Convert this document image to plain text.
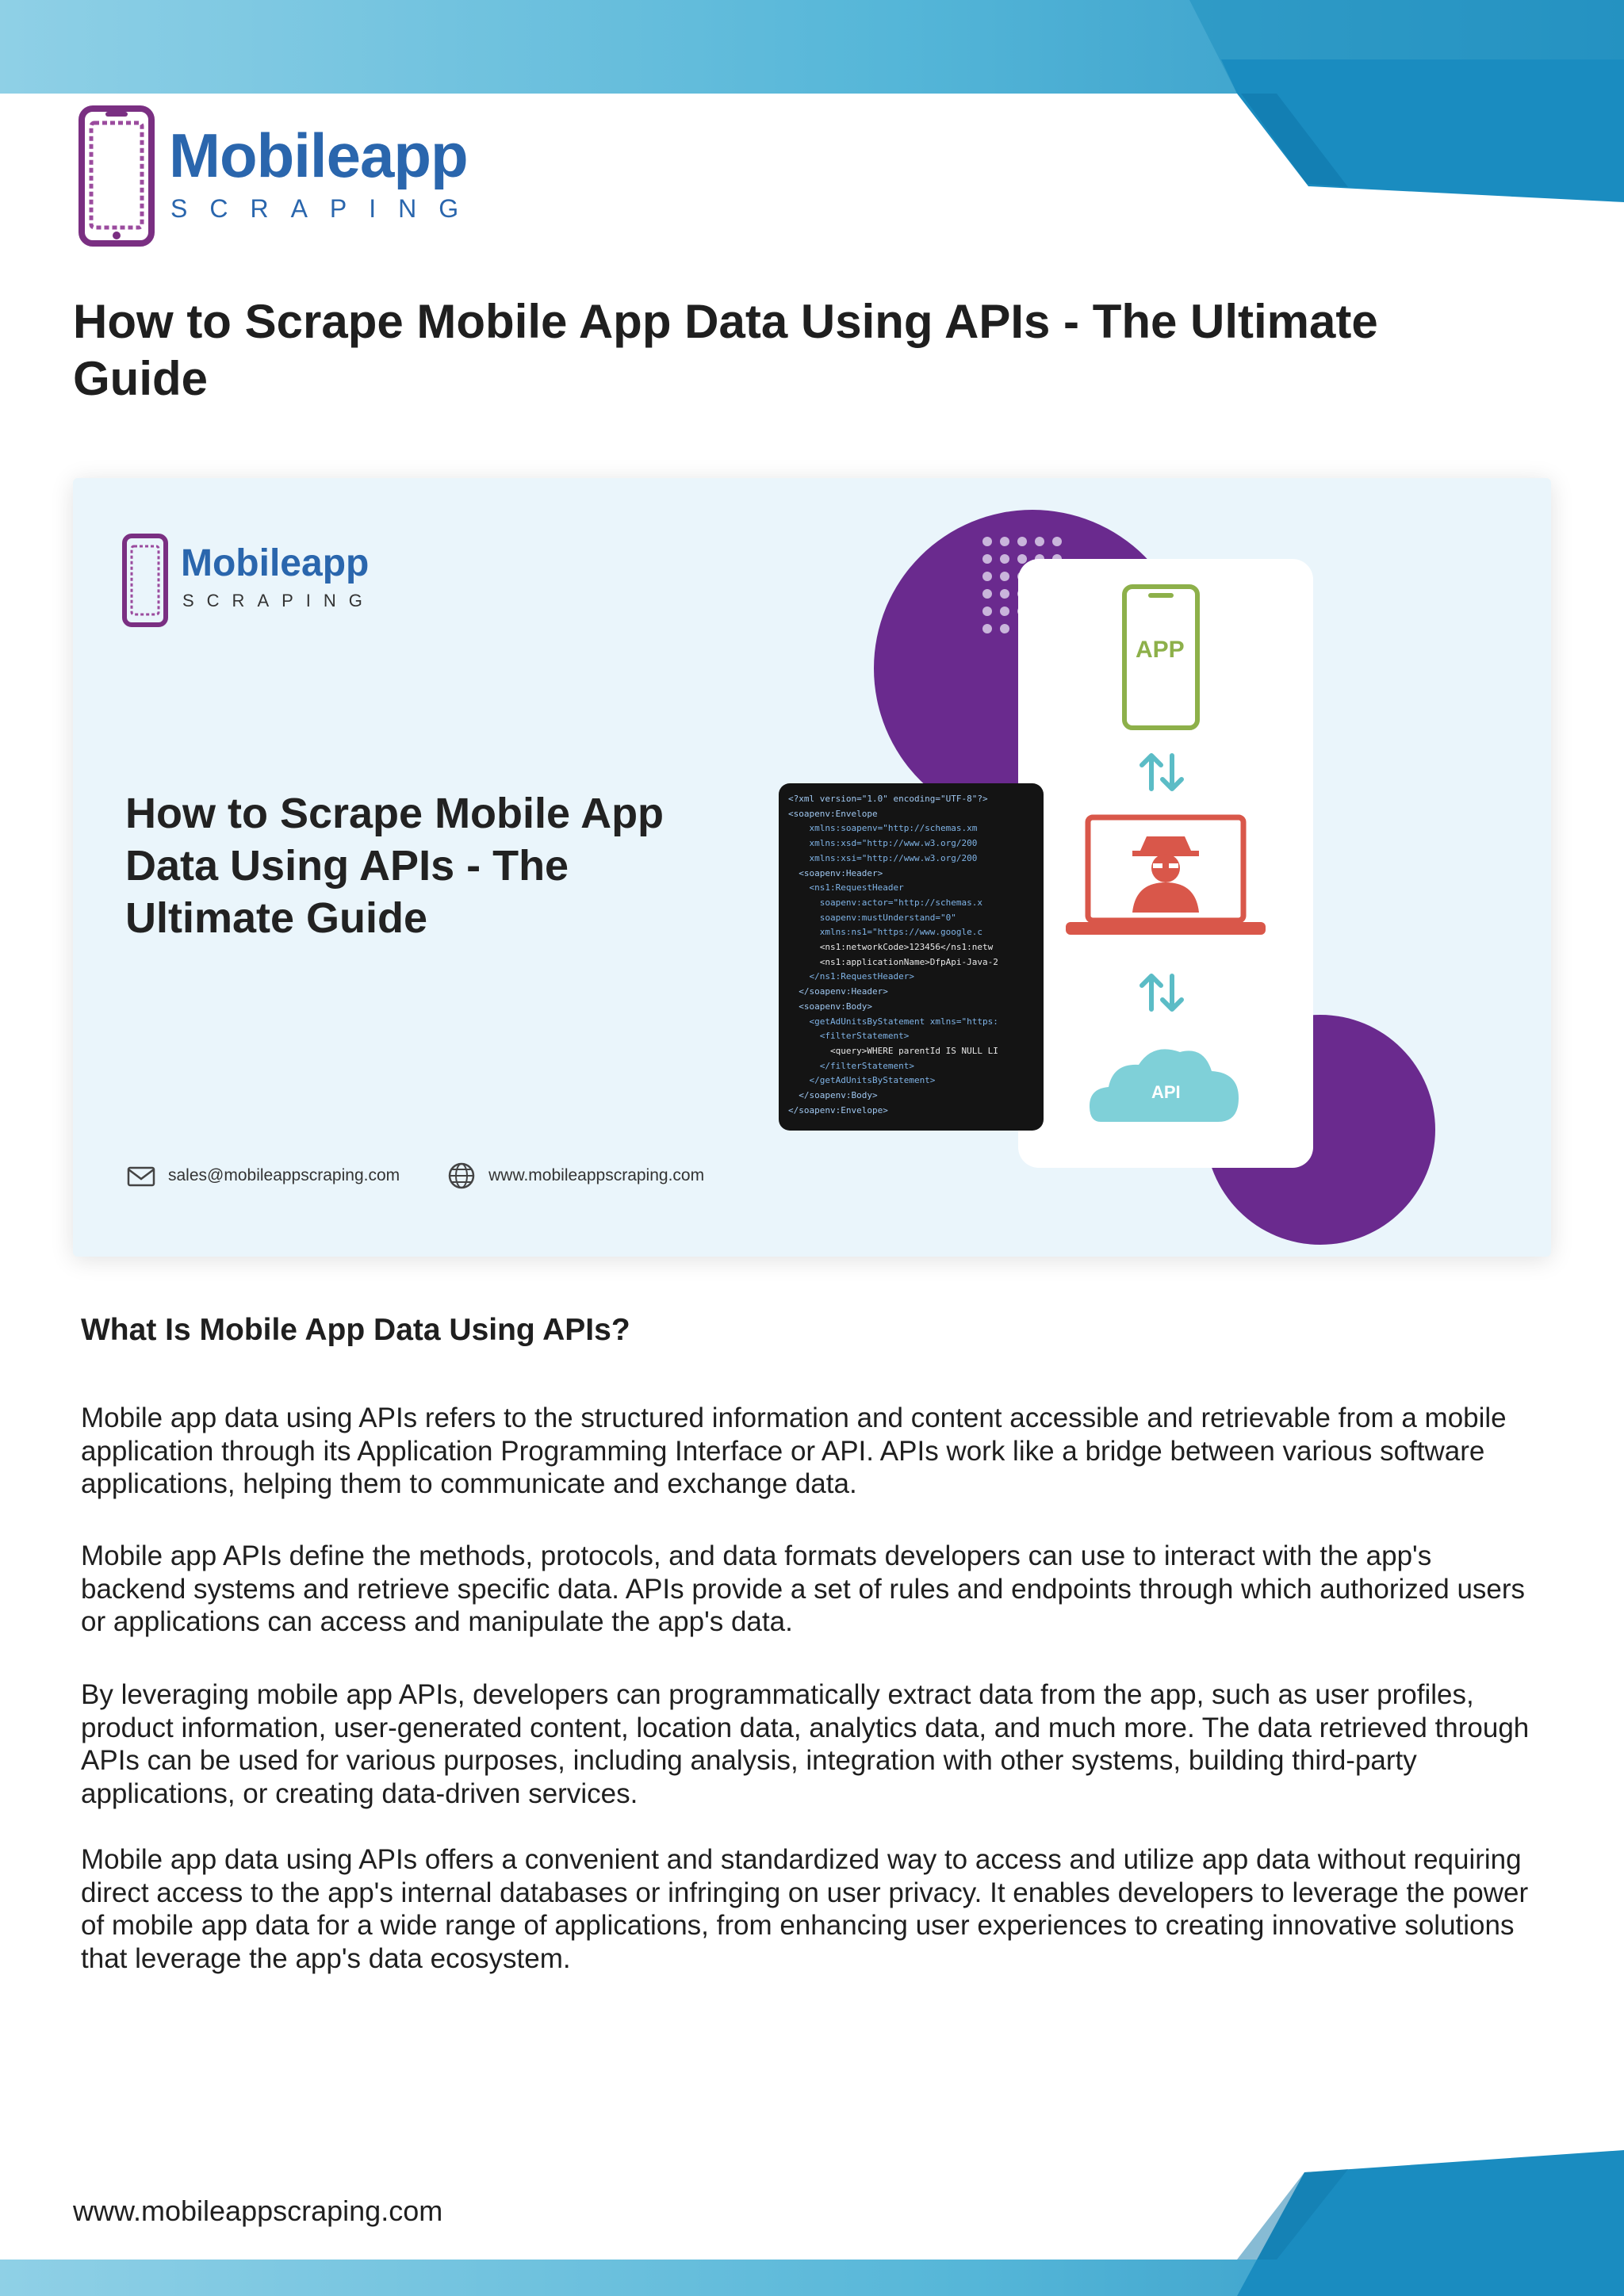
Mobileapp
SCRAPING
How to Scrape Mobile App Data Using APIs - The Ultimate Guide
APP
API
<?xml version="1.0" encoding="UTF-8"?>
<soapenv:Envelope
xmlns:soapenv="http://schemas.xm
xmlns:xsd="http://www.w3.org/200
xmlns:xsi="http://www.w3.org/200
<soapenv:Header>
<ns1:RequestHeader
soapenv:actor="http://schemas.x
soapenv:mustUnderstand="0"
xmlns:ns1="https://www.google.c
<ns1:networkCode>123456</ns1:netw
<ns1:applicationName>DfpApi-Java-2
</ns1:RequestHeader>
</soapenv:Header>
<soapenv:Body>
<getAdUnitsByStatement xmlns="https:
<filterStatement>
<query>WHERE parentId IS NULL LI
</filterStatement>
</getAdUnitsByStatement>
</soapenv:Body>
</soapenv:Envelope>
Mobileapp
SCRAPING
How to Scrape Mobile App Data Using APIs - The Ultimate Guide
sales@mobileappscraping.com	www.mobileappscraping.com
What Is Mobile App Data Using APIs?

Mobile app data using APIs refers to the structured information and content accessible and retrievable from a mobile application through its Application Programming Interface or API. APIs work like a bridge between various software applications, helping them to communicate and exchange data.

Mobile app APIs define the methods, protocols, and data formats developers can use to interact with the app's backend systems and retrieve specific data. APIs provide a set of rules and endpoints through which authorized users or applications can access and manipulate the app's data.

By leveraging mobile app APIs, developers can programmatically extract data from the app, such as user profiles, product information, user-generated content, location data, analytics data, and much more. The data retrieved through APIs can be used for various purposes, including analysis, integration with other systems, building third-party applications, or creating data-driven services.

Mobile app data using APIs offers a convenient and standardized way to access and utilize app data without requiring direct access to the app's internal databases or infringing on user privacy. It enables developers to leverage the power of mobile app data for a wide range of applications, from enhancing user experiences to creating innovative solutions that leverage the app's data ecosystem.

www.mobileappscraping.com
